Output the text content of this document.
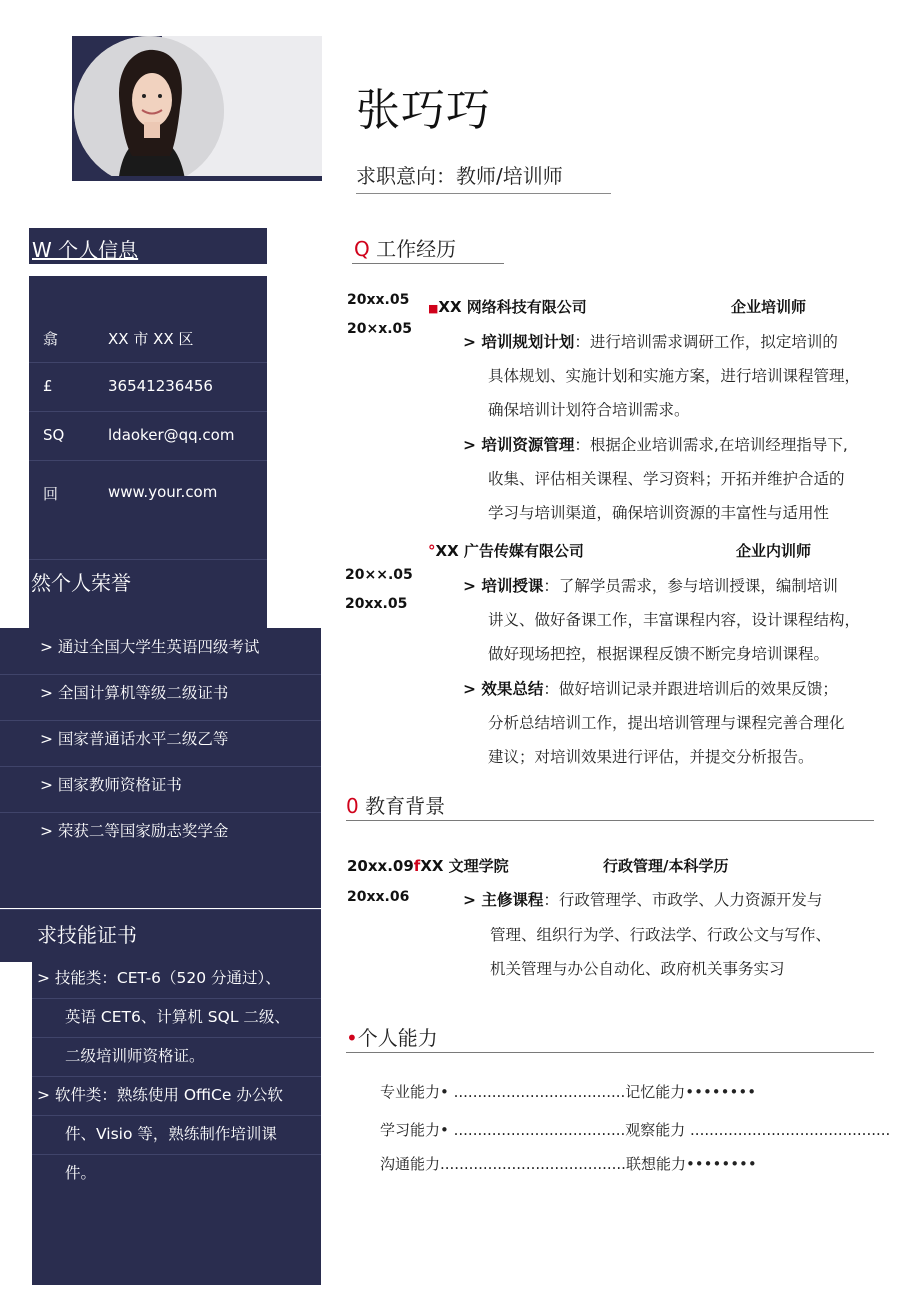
张巧巧
求职意向：教师/培训师
W 个人信息
翕	XX 市 XX 区
£	36541236456
SQ	ldaoker@qq.com
回	www.your.com
然个人荣誉
> 通过全国大学生英语四级考试
> 全国计算机等级二级证书
> 国家普通话水平二级乙等
> 国家教师资格证书
> 荣获二等国家励志奖学金
求技能证书
> 技能类：CET-6（520 分通过）、
英语 CET6、计算机 SQL 二级、
二级培训师资格证。
> 软件类：熟练使用 OffiCe 办公软
件、Visio 等，熟练制作培训课
件。
Q 工作经历
20xx.05
20×x.05
■XX 网络科技有限公司	企业培训师
> 培训规划计划：进行培训需求调研工作，拟定培训的
具体规划、实施计划和实施方案，进行培训课程管理，
确保培训计划符合培训需求。
> 培训资源管理：根据企业培训需求,在培训经理指导下,
收集、评估相关课程、学习资料；开拓并维护合适的
学习与培训渠道，确保培训资源的丰富性与适用性
°XX 广告传媒有限公司	企业内训师
20××.05
20xx.05
> 培训授课：了解学员需求，参与培训授课，编制培训
讲义、做好备课工作，丰富课程内容，设计课程结构，
做好现场把控，根据课程反馈不断完身培训课程。
> 效果总结：做好培训记录并跟进培训后的效果反馈；
分析总结培训工作，提出培训管理与课程完善合理化
建议；对培训效果进行评估，并提交分析报告。
0 教育背景
20xx.09fXX 文理学院	行政管理/本科学历
20xx.06	> 主修课程：行政管理学、市政学、人力资源开发与
管理、组织行为学、行政法学、行政公文与写作、
机关管理与办公自动化、政府机关事务实习
•个人能力
专业能力• ....................................记忆能力••••••••
学习能力• ....................................观察能力 ..........................................
沟通能力.......................................联想能力••••••••
